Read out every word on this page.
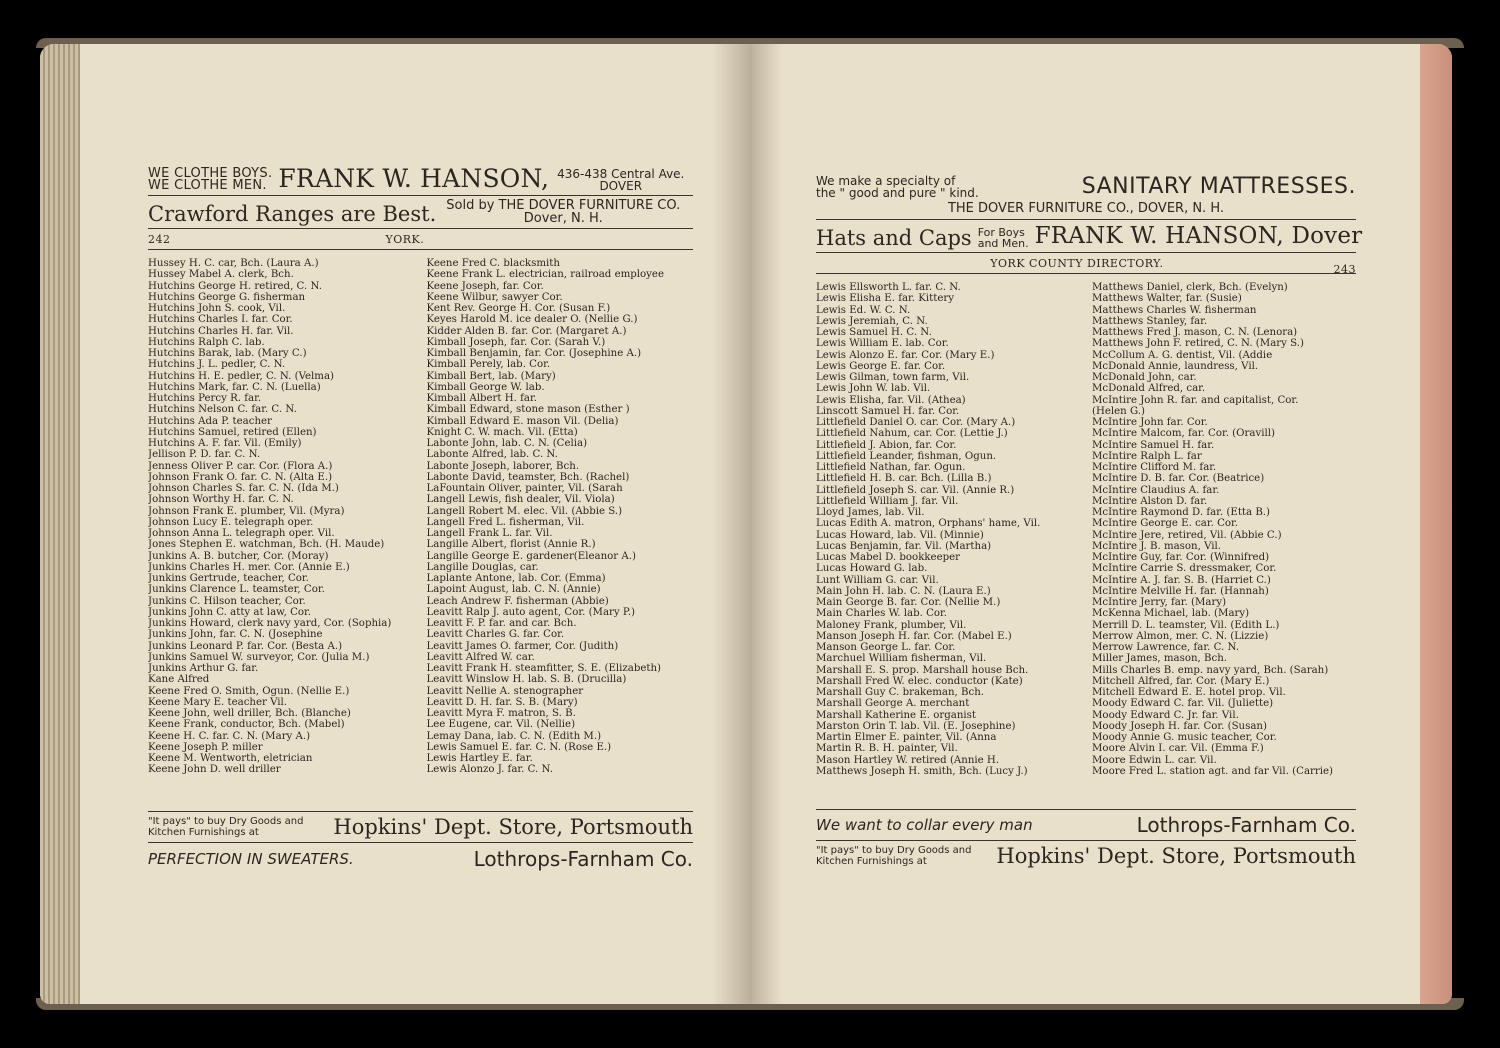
WE CLOTHE BOYS.
WE CLOTHE MEN. FRANK W. HANSON, 436-438 Central Ave.
DOVER
Crawford Ranges are Best. Sold by THE DOVER FURNITURE CO.
Dover, N. H.
242	YORK.
Hussey H. C. car, Bch. (Laura A.)
Hussey Mabel A. clerk, Bch.
Hutchins George H. retired, C. N.
Hutchins George G. fisherman
Hutchins John S. cook, Vil.
Hutchins Charles I. far. Cor.
Hutchins Charles H. far. Vil.
Hutchins Ralph C. lab.
Hutchins Barak, lab. (Mary C.)
Hutchins J. L. pedler, C. N.
Hutchins H. E. pedler, C. N. (Velma)
Hutchins Mark, far. C. N. (Luella)
Hutchins Percy R. far.
Hutchins Nelson C. far. C. N.
Hutchins Ada P. teacher
Hutchins Samuel, retired (Ellen)
Hutchins A. F. far. Vil. (Emily)
Jellison P. D. far. C. N.
Jenness Oliver P. car. Cor. (Flora A.)
Johnson Frank O. far. C. N. (Alta E.)
Johnson Charles S. far. C. N. (Ida M.)
Johnson Worthy H. far. C. N.
Johnson Frank E. plumber, Vil. (Myra)
Johnson Lucy E. telegraph oper.
Johnson Anna L. telegraph oper. Vil.
Jones Stephen E. watchman, Bch. (H. Maude)
Junkins A. B. butcher, Cor. (Moray)
Junkins Charles H. mer. Cor. (Annie E.)
Junkins Gertrude, teacher, Cor.
Junkins Clarence L. teamster, Cor.
Junkins C. Hilson teacher, Cor.
Junkins John C. atty at law, Cor.
Junkins Howard, clerk navy yard, Cor. (Sophia)
Junkins John, far. C. N. (Josephine
Junkins Leonard P. far. Cor. (Besta A.)
Junkins Samuel W. surveyor, Cor. (Julia M.)
Junkins Arthur G. far.
Kane Alfred
Keene Fred O. Smith, Ogun. (Nellie E.)
Keene Mary E. teacher Vil.
Keene John, well driller, Bch. (Blanche)
Keene Frank, conductor, Bch. (Mabel)
Keene H. C. far. C. N. (Mary A.)
Keene Joseph P. miller
Keene M. Wentworth, eletrician
Keene John D. well driller
Keene Fred C. blacksmith
Keene Frank L. electrician, railroad employee
Keene Joseph, far. Cor.
Keene Wilbur, sawyer Cor.
Kent Rev. George H. Cor. (Susan F.)
Keyes Harold M. ice dealer O. (Nellie G.)
Kidder Alden B. far. Cor. (Margaret A.)
Kimball Joseph, far. Cor. (Sarah V.)
Kimball Benjamin, far. Cor. (Josephine A.)
Kimball Perely, lab. Cor.
Kimball Bert, lab. (Mary)
Kimball George W. lab.
Kimball Albert H. far.
Kimball Edward, stone mason (Esther )
Kimball Edward E. mason Vil. (Delia)
Knight C. W. mach. Vil. (Etta)
Labonte John, lab. C. N. (Celia)
Labonte Alfred, lab. C. N.
Labonte Joseph, laborer, Bch.
Labonte David, teamster, Bch. (Rachel)
LaFountain Oliver, painter, Vil. (Sarah
Langell Lewis, fish dealer, Vil. Viola)
Langell Robert M. elec. Vil. (Abbie S.)
Langell Fred L. fisherman, Vil.
Langell Frank L. far. Vil.
Langille Albert, florist (Annie R.)
Langille George E. gardener(Eleanor A.)
Langille Douglas, car.
Laplante Antone, lab. Cor. (Emma)
Lapoint August, lab. C. N. (Annie)
Leach Andrew F. fisherman (Abbie)
Leavitt Ralp J. auto agent, Cor. (Mary P.)
Leavitt F. P. far. and car. Bch.
Leavitt Charles G. far. Cor.
Leavitt James O. farmer, Cor. (Judith)
Leavitt Alfred W. car.
Leavitt Frank H. steamfitter, S. E. (Elizabeth)
Leavitt Winslow H. lab. S. B. (Drucilla)
Leavitt Nellie A. stenographer
Leavitt D. H. far. S. B. (Mary)
Leavitt Myra F. matron, S. B.
Lee Eugene, car. Vil. (Nellie)
Lemay Dana, lab. C. N. (Edith M.)
Lewis Samuel E. far. C. N. (Rose E.)
Lewis Hartley E. far.
Lewis Alonzo J. far. C. N.
"It pays" to buy Dry Goods and
Kitchen Furnishings at	Hopkins' Dept. Store, Portsmouth
PERFECTION IN SWEATERS.	Lothrops-Farnham Co.
We make a specialty of
the " good and pure " kind.	SANITARY MATTRESSES.
THE DOVER FURNITURE CO., DOVER, N. H.
Hats and Caps For Boys
and Men. FRANK W. HANSON, Dover
YORK COUNTY DIRECTORY.	243
Lewis Ellsworth L. far. C. N.
Lewis Elisha E. far. Kittery
Lewis Ed. W. C. N.
Lewis Jeremiah, C. N.
Lewis Samuel H. C. N.
Lewis William E. lab. Cor.
Lewis Alonzo E. far. Cor. (Mary E.)
Lewis George E. far. Cor.
Lewis Gilman, town farm, Vil.
Lewis John W. lab. Vil.
Lewis Elisha, far. Vil. (Athea)
Linscott Samuel H. far. Cor.
Littlefield Daniel O. car. Cor. (Mary A.)
Littlefield Nahum, car. Cor. (Lettie J.)
Littlefield J. Abion, far. Cor.
Littlefield Leander, fishman, Ogun.
Littlefield Nathan, far. Ogun.
Littlefield H. B. car. Bch. (Lilla B.)
Littlefield Joseph S. car. Vil. (Annie R.)
Littlefield William J. far. Vil.
Lloyd James, lab. Vil.
Lucas Edith A. matron, Orphans' hame, Vil.
Lucas Howard, lab. Vil. (Minnie)
Lucas Benjamin, far. Vil. (Martha)
Lucas Mabel D. bookkeeper
Lucas Howard G. lab.
Lunt William G. car. Vil.
Main John H. lab. C. N. (Laura E.)
Main George B. far. Cor. (Nellie M.)
Main Charles W. lab. Cor.
Maloney Frank, plumber, Vil.
Manson Joseph H. far. Cor. (Mabel E.)
Manson George L. far. Cor.
Marchuel William fisherman, Vil.
Marshall E. S. prop. Marshall house Bch.
Marshall Fred W. elec. conductor (Kate)
Marshall Guy C. brakeman, Bch.
Marshall George A. merchant
Marshall Katherine E. organist
Marston Orin T. lab. Vil. (E. Josephine)
Martin Elmer E. painter, Vil. (Anna
Martin R. B. H. painter, Vil.
Mason Hartley W. retired (Annie H.
Matthews Joseph H. smith, Bch. (Lucy J.)
Matthews Daniel, clerk, Bch. (Evelyn)
Matthews Walter, far. (Susie)
Matthews Charles W. fisherman
Matthews Stanley, far.
Matthews Fred J. mason, C. N. (Lenora)
Matthews John F. retired, C. N. (Mary S.)
McCollum A. G. dentist, Vil. (Addie
McDonald Annie, laundress, Vil.
McDonald John, car.
McDonald Alfred, car.
McIntire John R. far. and capitalist, Cor.
(Helen G.)
McIntire John far. Cor.
McIntire Malcom, far. Cor. (Oravill)
McIntire Samuel H. far.
McIntire Ralph L. far
McIntire Clifford M. far.
McIntire D. B. far. Cor. (Beatrice)
McIntire Claudius A. far.
McIntire Alston D. far.
McIntire Raymond D. far. (Etta B.)
McIntire George E. car. Cor.
McIntire Jere, retired, Vil. (Abbie C.)
McIntire J. B. mason, Vil.
McIntire Guy, far. Cor. (Winnifred)
McIntire Carrie S. dressmaker, Cor.
McIntire A. J. far. S. B. (Harriet C.)
McIntire Melville H. far. (Hannah)
McIntire Jerry, far. (Mary)
McKenna Michael, lab. (Mary)
Merrill D. L. teamster, Vil. (Edith L.)
Merrow Almon, mer. C. N. (Lizzie)
Merrow Lawrence, far. C. N.
Miller James, mason, Bch.
Mills Charles B. emp. navy yard, Bch. (Sarah)
Mitchell Alfred, far. Cor. (Mary E.)
Mitchell Edward E. E. hotel prop. Vil.
Moody Edward C. far. Vil. (Juliette)
Moody Edward C. Jr. far. Vil.
Moody Joseph H. far. Cor. (Susan)
Moody Annie G. music teacher, Cor.
Moore Alvin I. car. Vil. (Emma F.)
Moore Edwin L. car. Vil.
Moore Fred L. station agt. and far Vil. (Carrie)
We want to collar every man	Lothrops-Farnham Co.
"It pays" to buy Dry Goods and
Kitchen Furnishings at	Hopkins' Dept. Store, Portsmouth
